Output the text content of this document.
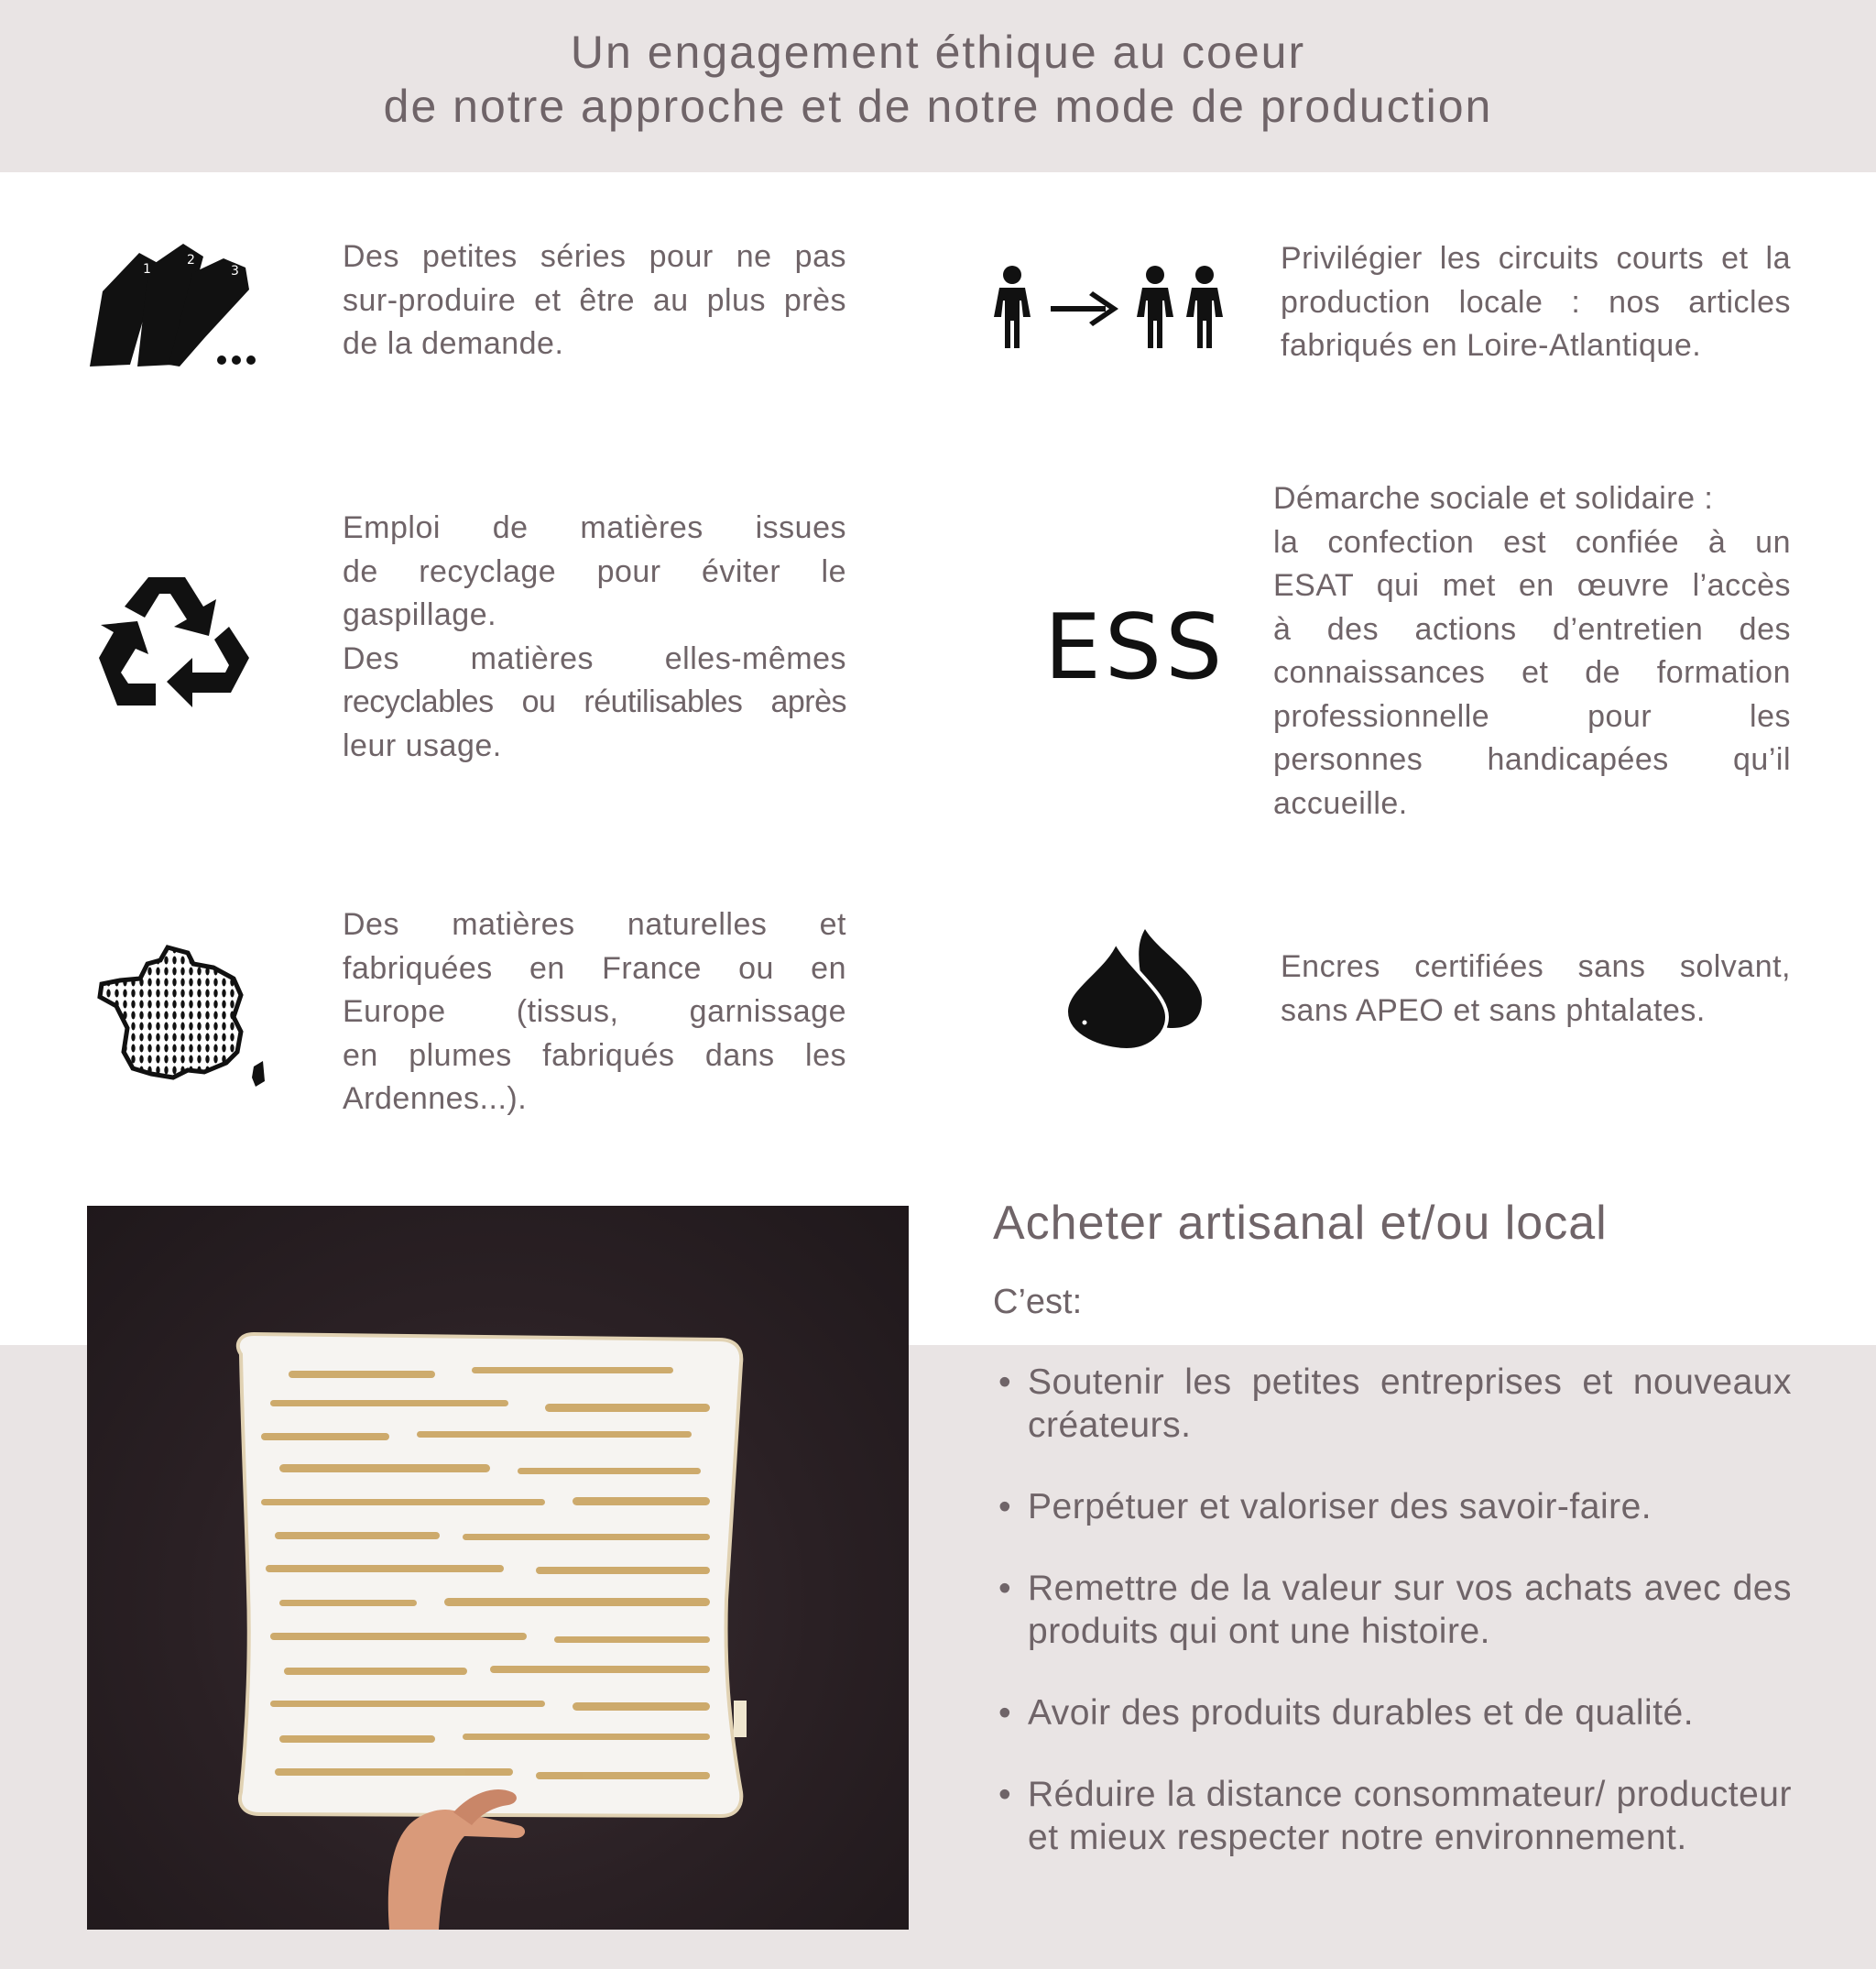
Un engagement éthique au coeur
de notre approche et de notre mode de production
1
2
3	Des petites séries pour ne pas
sur-produire et être au plus près
de la demande.

Privilégier les circuits courts et la
production locale : nos articles
fabriqués en Loire-Atlantique.

Emploi de matières issues
de recyclage pour éviter le
gaspillage.
Des matières elles-mêmes
recyclables ou réutilisables après
leur usage.

ESS

Démarche sociale et solidaire :
la confection est confiée à un
ESAT qui met en œuvre l’accès
à des actions d’entretien des
connaissances et de formation
professionnelle pour les
personnes handicapées qu’il
accueille.

Des matières naturelles et
fabriquées en France ou en
Europe (tissus, garnissage
en plumes fabriqués dans les
Ardennes...).

Encres certifiées sans solvant,
sans APEO et sans phtalates.

Acheter artisanal et/ou local
C’est:
• Soutenir les petites entreprises et nouveaux créateurs.
• Perpétuer et valoriser des savoir-faire.
• Remettre de la valeur sur vos achats avec des produits qui ont une histoire.
• Avoir des produits durables et de qualité.
• Réduire la distance consommateur/ producteur et mieux respecter notre environnement.
